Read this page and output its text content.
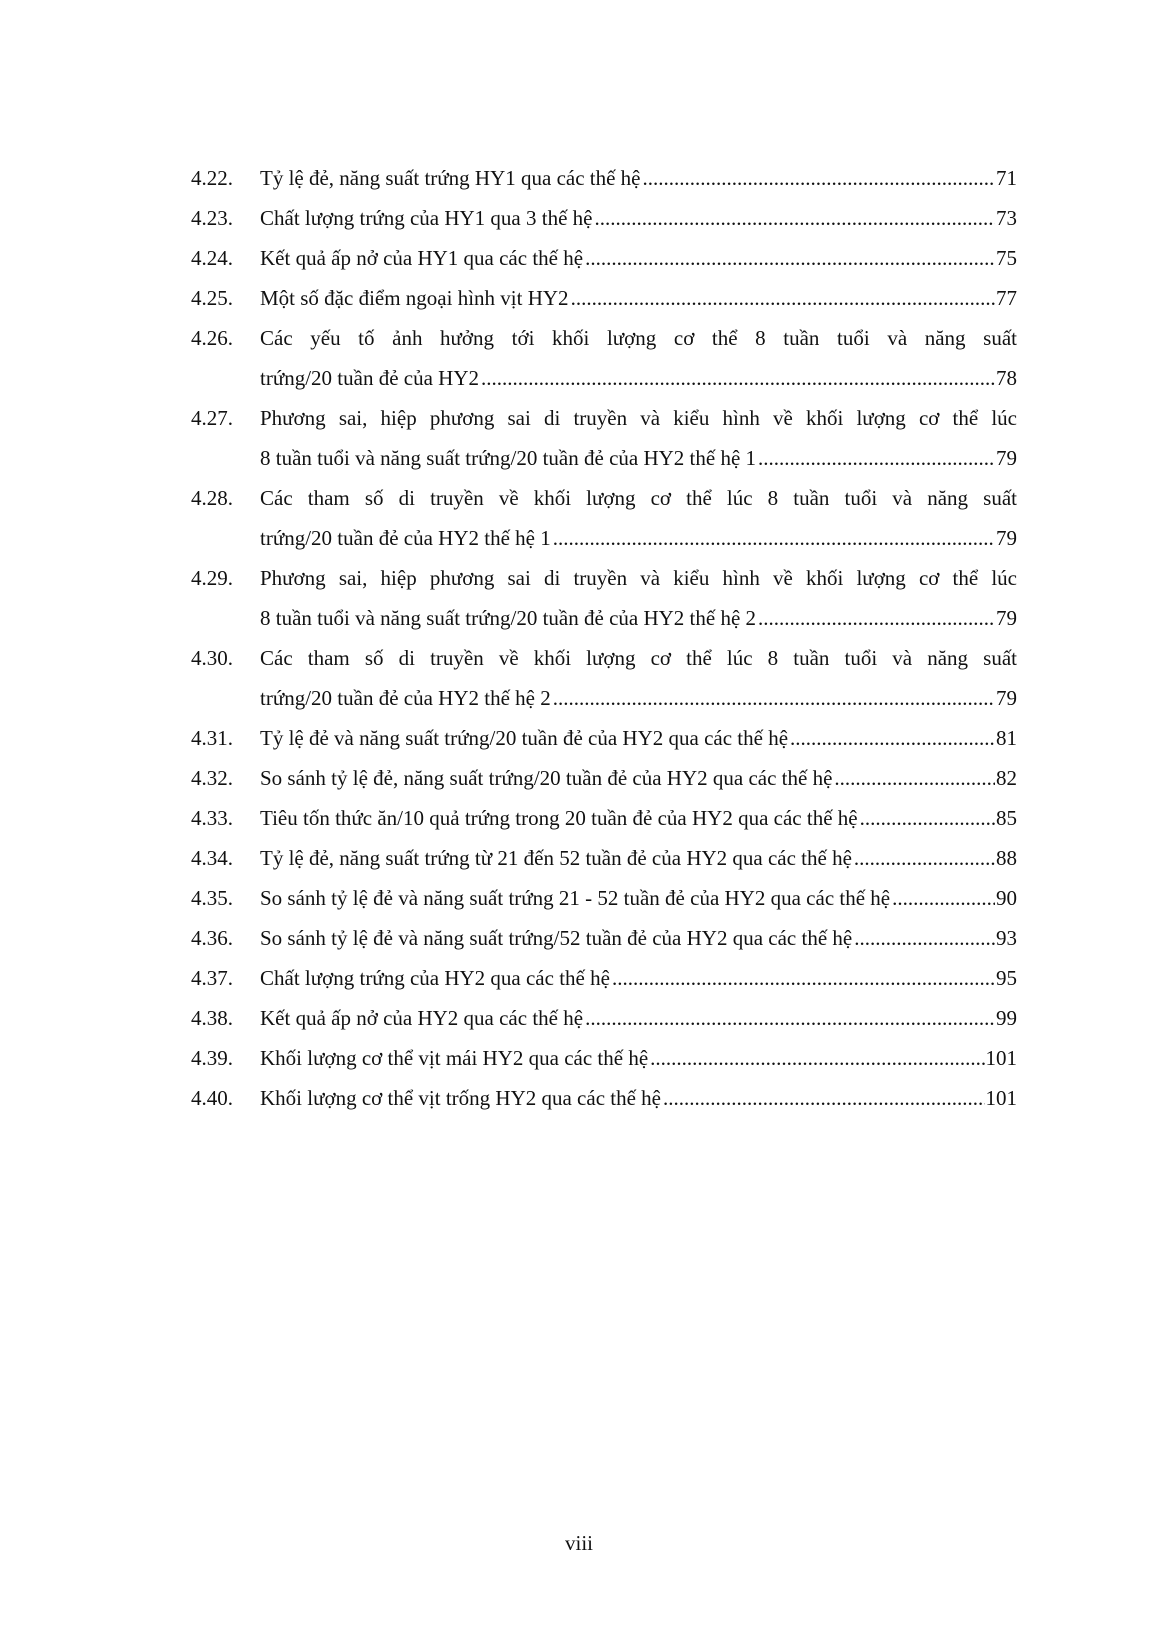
4.22.	Tỷ lệ đẻ, năng suất trứng HY1 qua các thế hệ .....	71
4.23.	Chất lượng trứng của HY1 qua 3 thế hệ .....	73
4.24.	Kết quả ấp nở của HY1 qua các thế hệ .....	75
4.25.	Một số đặc điểm ngoại hình vịt HY2 .....	77
4.26.	Các yếu tố ảnh hưởng tới khối lượng cơ thể 8 tuần tuổi và năng suất
trứng/20 tuần đẻ của HY2 .....	78
4.27.	Phương sai, hiệp phương sai di truyền và kiểu hình về khối lượng cơ thể lúc
8 tuần tuổi và năng suất trứng/20 tuần đẻ của HY2 thế hệ 1 .....	79
4.28.	Các tham số di truyền về khối lượng cơ thể lúc 8 tuần tuổi và năng suất
trứng/20 tuần đẻ của HY2 thế hệ 1 .....	79
4.29.	Phương sai, hiệp phương sai di truyền và kiểu hình về khối lượng cơ thể lúc
8 tuần tuổi và năng suất trứng/20 tuần đẻ của HY2 thế hệ 2 .....	79
4.30.	Các tham số di truyền về khối lượng cơ thể lúc 8 tuần tuổi và năng suất
trứng/20 tuần đẻ của HY2 thế hệ 2 .....	79
4.31.	Tỷ lệ đẻ và năng suất trứng/20 tuần đẻ của HY2 qua các thế hệ .....	81
4.32.	So sánh tỷ lệ đẻ, năng suất trứng/20 tuần đẻ của HY2 qua các thế hệ .....	82
4.33.	Tiêu tốn thức ăn/10 quả trứng trong 20 tuần đẻ của HY2 qua các thế hệ .....	85
4.34.	Tỷ lệ đẻ, năng suất trứng từ 21 đến 52 tuần đẻ của HY2 qua các thế hệ .....	88
4.35.	So sánh tỷ lệ đẻ và năng suất trứng 21 - 52 tuần đẻ của HY2 qua các thế hệ .....	90
4.36.	So sánh tỷ lệ đẻ và năng suất trứng/52 tuần đẻ của HY2 qua các thế hệ .....	93
4.37.	Chất lượng trứng của HY2 qua các thế hệ .....	95
4.38.	Kết quả ấp nở của HY2 qua các thế hệ .....	99
4.39.	Khối lượng cơ thể vịt mái HY2 qua các thế hệ .....	101
4.40.	Khối lượng cơ thể vịt trống HY2 qua các thế hệ .....	101
viii
